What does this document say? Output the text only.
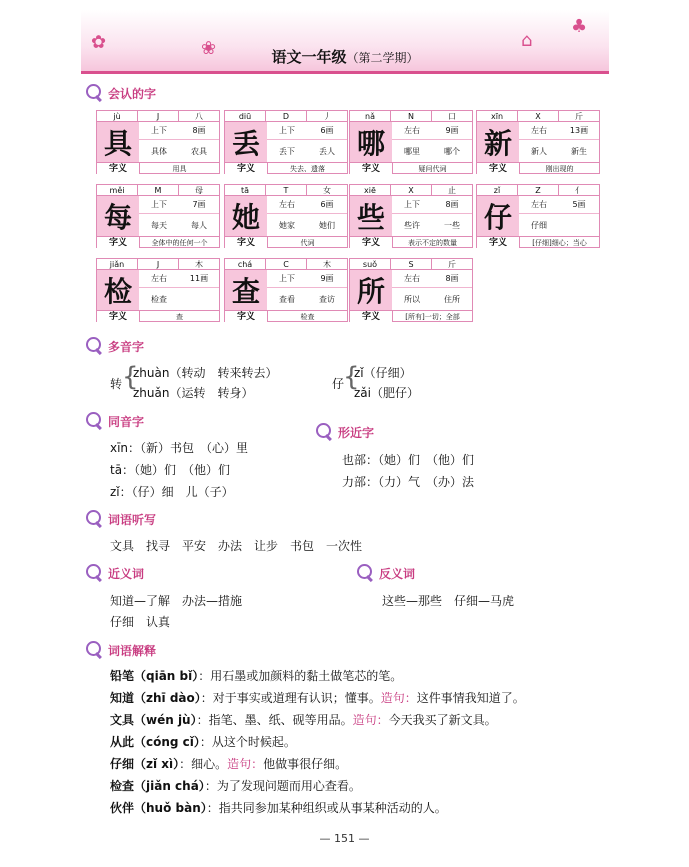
✿	❀	⌂
♣
语文一年级（第二学期）
会认的字
jù	J	八
具	上下	8画
具体	农具
字义	用具
diū	D	丿
丢	上下	6画
丢下	丢人
字义	失去、遗落
nǎ	N	口
哪	左右	9画
哪里	哪个
字义	疑问代词
xīn	X	斤
新	左右	13画
新人	新生
字义	刚出现的
měi	M	母
每	上下	7画
每天	每人
字义	全体中的任何一个
tā	T	女
她	左右	6画
她家	她们
字义	代词
xiē	X	止
些	上下	8画
些许	一些
字义	表示不定的数量
zǐ	Z	亻
仔	左右	5画
仔细
字义	[仔细]细心；当心
jiǎn	J	木
检	左右	11画
检查
字义	查
chá	C	木
查	上下	9画
查看	查访
字义	检查
suǒ	S	斤
所	左右	8画
所以	住所
字义	[所有]一切；全部
多音字
转 {
zhuàn（转动　转来转去）
zhuǎn（运转　转身）
仔
{
zǐ（仔细）
zǎi（肥仔）
同音字
xīn：（新）书包　（心）里
tā：（她）们　（他）们
zǐ：（仔）细　儿（子）
形近字
也部：（她）们　（他）们
力部：（力）气　（办）法
词语听写
文具　找寻　平安　办法　让步　书包　一次性
近义词
知道—了解　办法—措施
仔细　认真
反义词
这些—那些　仔细—马虎
词语解释
铅笔（qiān bǐ）：用石墨或加颜料的黏土做笔芯的笔。
知道（zhī dào）：对于事实或道理有认识；懂事。造句：这件事情我知道了。
文具（wén jù）：指笔、墨、纸、砚等用品。造句：今天我买了新文具。
从此（cóng cǐ）：从这个时候起。
仔细（zǐ xì）：细心。造句：他做事很仔细。
检查（jiǎn chá）：为了发现问题而用心查看。
伙伴（huǒ bàn）：指共同参加某种组织或从事某种活动的人。
— 151 —
